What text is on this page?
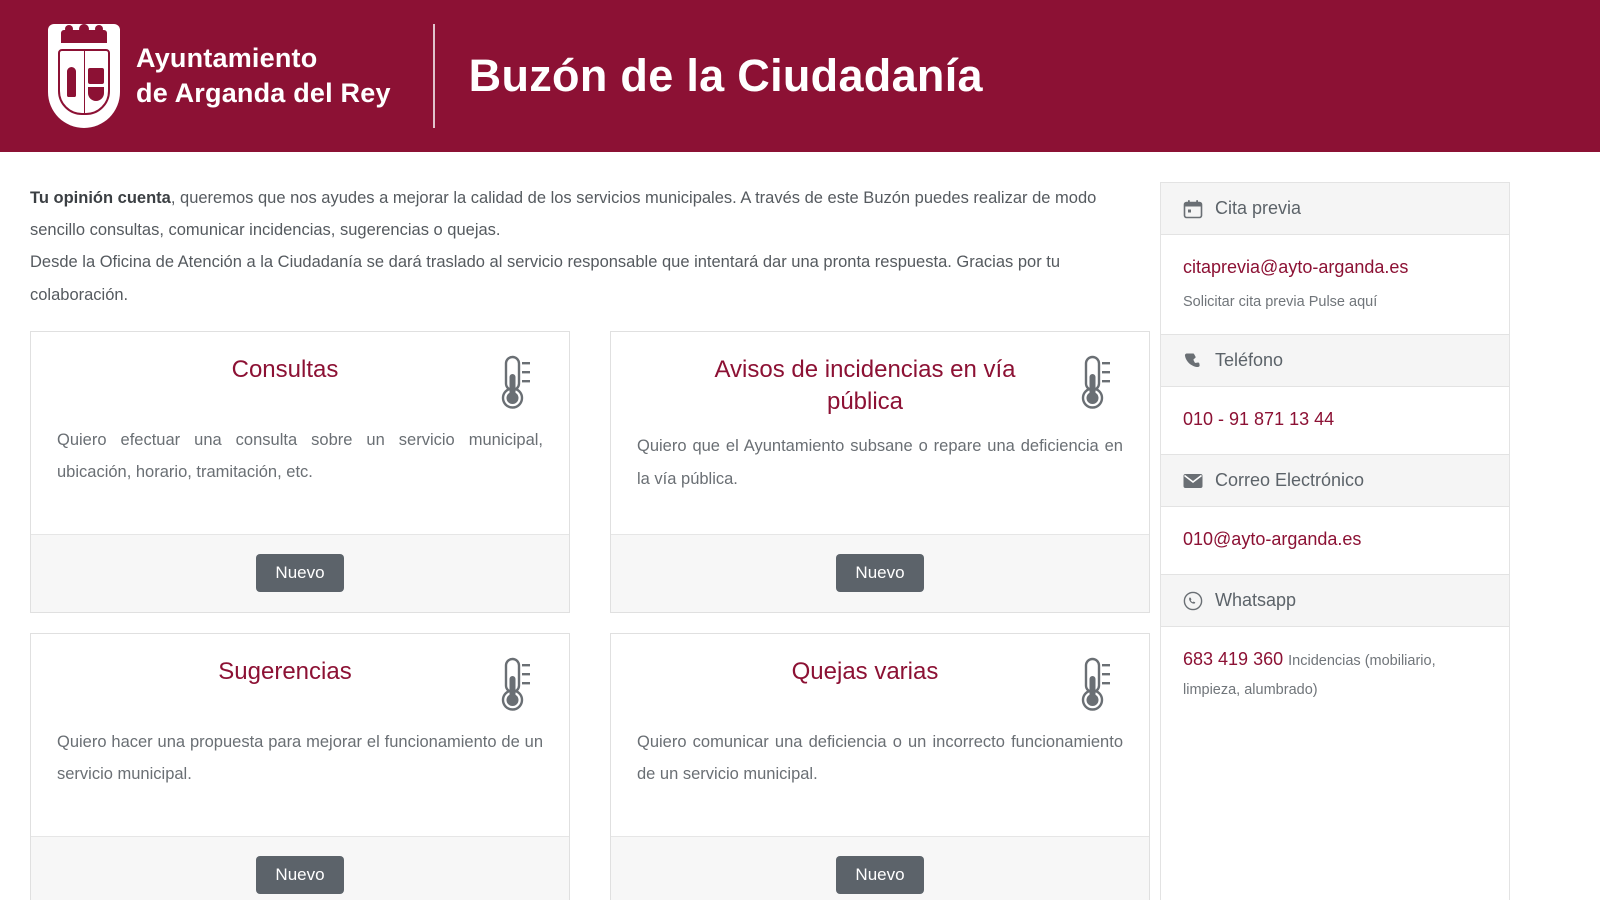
Ayuntamiento
de Arganda del Rey Buzón de la Ciudadanía

Tu opinión cuenta, queremos que nos ayudes a mejorar la calidad de los servicios municipales. A través de este Buzón puedes realizar de modo sencillo consultas, comunicar incidencias, sugerencias o quejas.

Desde la Oficina de Atención a la Ciudadanía se dará traslado al servicio responsable que intentará dar una pronta respuesta. Gracias por tu colaboración.

Consultas
Quiero efectuar una consulta sobre un servicio municipal, ubicación, horario, tramitación, etc.
Nuevo
Avisos de incidencias en vía pública
Quiero que el Ayuntamiento subsane o repare una deficiencia en la vía pública.
Nuevo
Sugerencias
Quiero hacer una propuesta para mejorar el funcionamiento de un servicio municipal.
Nuevo
Quejas varias
Quiero comunicar una deficiencia o un incorrecto funcionamiento de un servicio municipal.
Nuevo
Cita previa
citaprevia@ayto-arganda.es
Solicitar cita previa Pulse aquí
Teléfono
010 - 91 871 13 44
Correo Electrónico
010@ayto-arganda.es
Whatsapp
683 419 360 Incidencias (mobiliario, limpieza, alumbrado)
